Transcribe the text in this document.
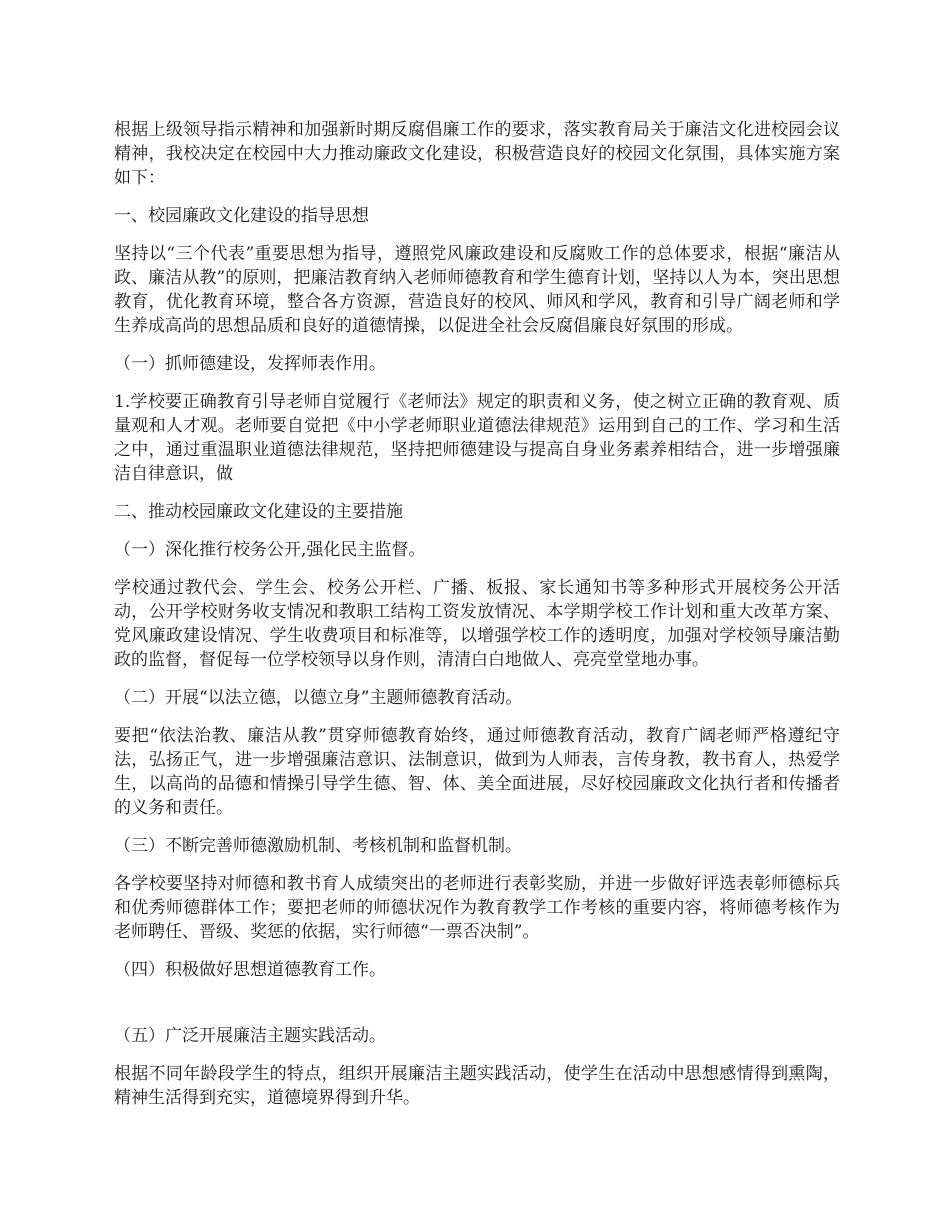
根据上级领导指示精神和加强新时期反腐倡廉工作的要求，落实教育局关于廉洁文化进校园会议精神，我校决定在校园中大力推动廉政文化建设，积极营造良好的校园文化氛围，具体实施方案如下：

一、校园廉政文化建设的指导思想

坚持以“三个代表”重要思想为指导，遵照党风廉政建设和反腐败工作的总体要求，根据“廉洁从政、廉洁从教”的原则，把廉洁教育纳入老师师德教育和学生德育计划，坚持以人为本，突出思想教育，优化教育环境，整合各方资源，营造良好的校风、师风和学风，教育和引导广阔老师和学生养成高尚的思想品质和良好的道德情操，以促进全社会反腐倡廉良好氛围的形成。

（一）抓师德建设，发挥师表作用。

1.学校要正确教育引导老师自觉履行《老师法》规定的职责和义务，使之树立正确的教育观、质量观和人才观。老师要自觉把《中小学老师职业道德法律规范》运用到自己的工作、学习和生活之中，通过重温职业道德法律规范，坚持把师德建设与提高自身业务素养相结合，进一步增强廉洁自律意识，做

二、推动校园廉政文化建设的主要措施

（一）深化推行校务公开,强化民主监督。

学校通过教代会、学生会、校务公开栏、广播、板报、家长通知书等多种形式开展校务公开活动，公开学校财务收支情况和教职工结构工资发放情况、本学期学校工作计划和重大改革方案、党风廉政建设情况、学生收费项目和标准等，以增强学校工作的透明度，加强对学校领导廉洁勤政的监督，督促每一位学校领导以身作则，清清白白地做人、亮亮堂堂地办事。

（二）开展“以法立德，以德立身”主题师德教育活动。

要把“依法治教、廉洁从教”贯穿师德教育始终，通过师德教育活动，教育广阔老师严格遵纪守法，弘扬正气，进一步增强廉洁意识、法制意识，做到为人师表，言传身教，教书育人，热爱学生，以高尚的品德和情操引导学生德、智、体、美全面进展，尽好校园廉政文化执行者和传播者的义务和责任。

（三）不断完善师德激励机制、考核机制和监督机制。

各学校要坚持对师德和教书育人成绩突出的老师进行表彰奖励，并进一步做好评选表彰师德标兵和优秀师德群体工作；要把老师的师德状况作为教育教学工作考核的重要内容，将师德考核作为老师聘任、晋级、奖惩的依据，实行师德“一票否决制”。

（四）积极做好思想道德教育工作。

（五）广泛开展廉洁主题实践活动。

根据不同年龄段学生的特点，组织开展廉洁主题实践活动，使学生在活动中思想感情得到熏陶，精神生活得到充实，道德境界得到升华。
